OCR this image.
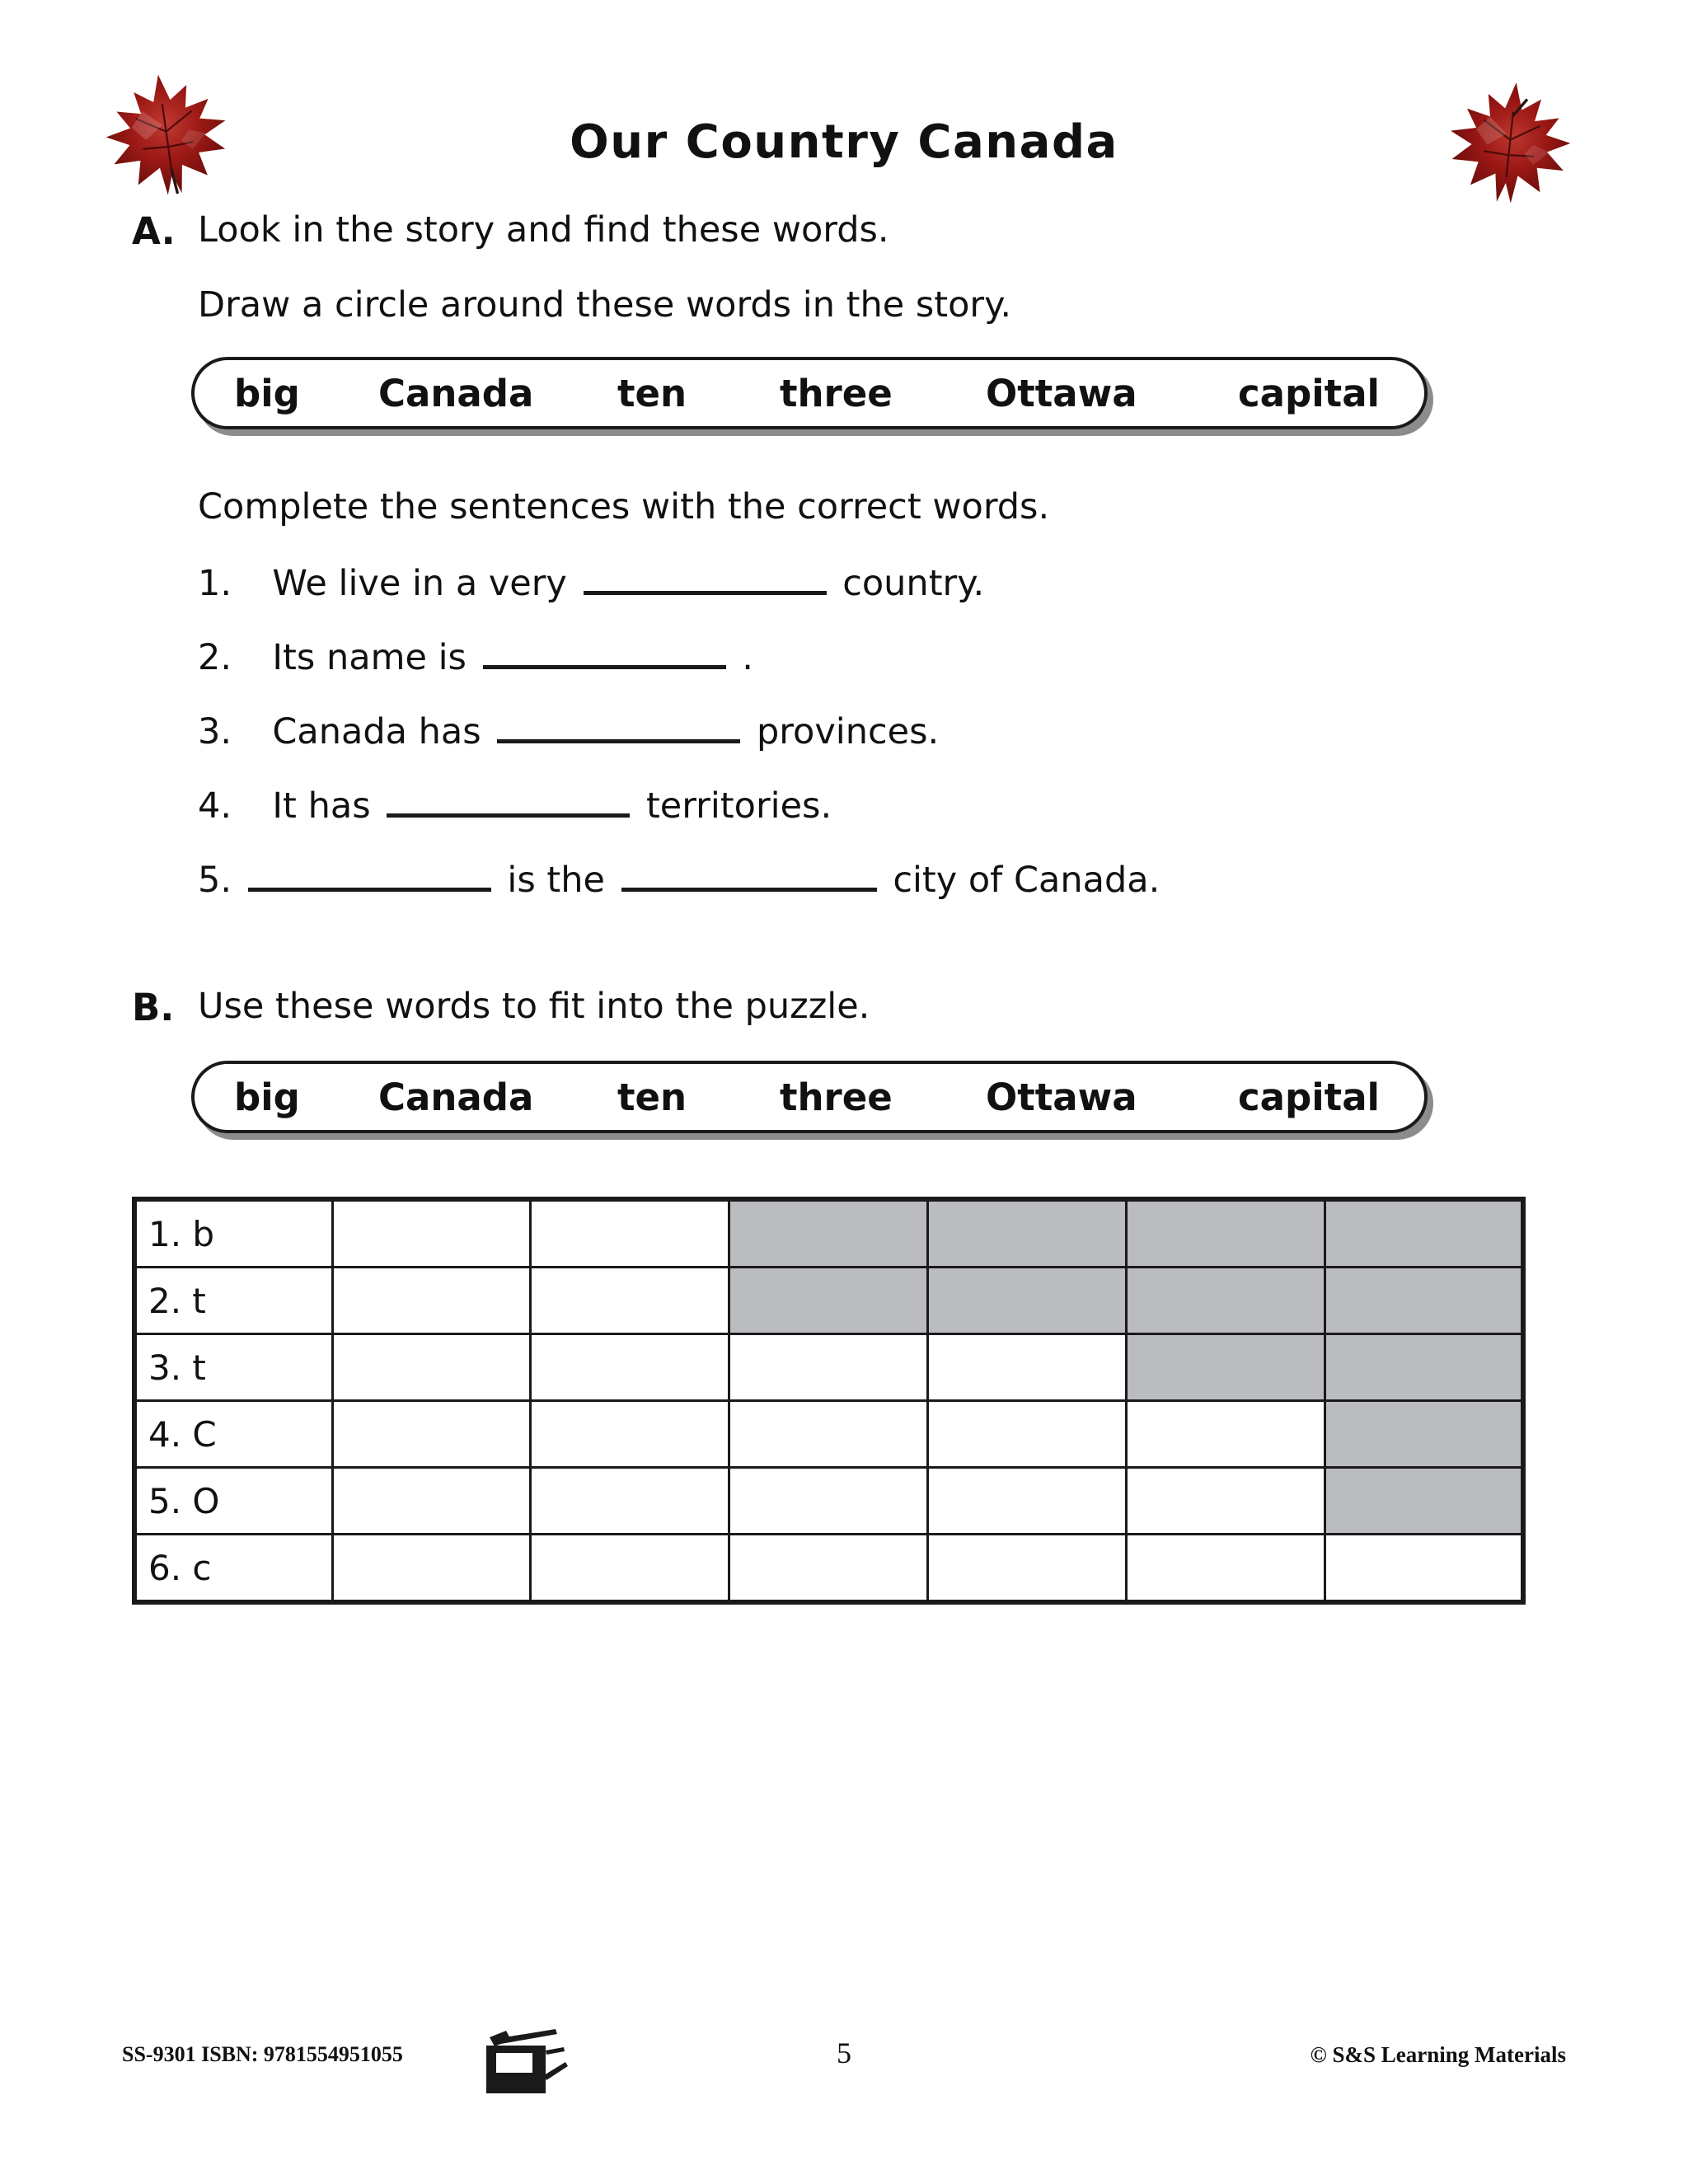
Our Country Canada
A. Look in the story and find these words.
Draw a circle around these words in the story.
big	Canada	ten	three	Ottawa	capital
Complete the sentences with the correct words.
1. We live in a very	country.
2. Its name is	.
3. Canada has	provinces.
4. It has	territories.
5.	is the	city of Canada.
B. Use these words to fit into the puzzle.
big	Canada	ten	three	Ottawa	capital
1. b						
2. t						
3. t						
4. C						
5. O						
6. c						
SS-9301 ISBN: 9781554951055	5	© S&S Learning Materials
